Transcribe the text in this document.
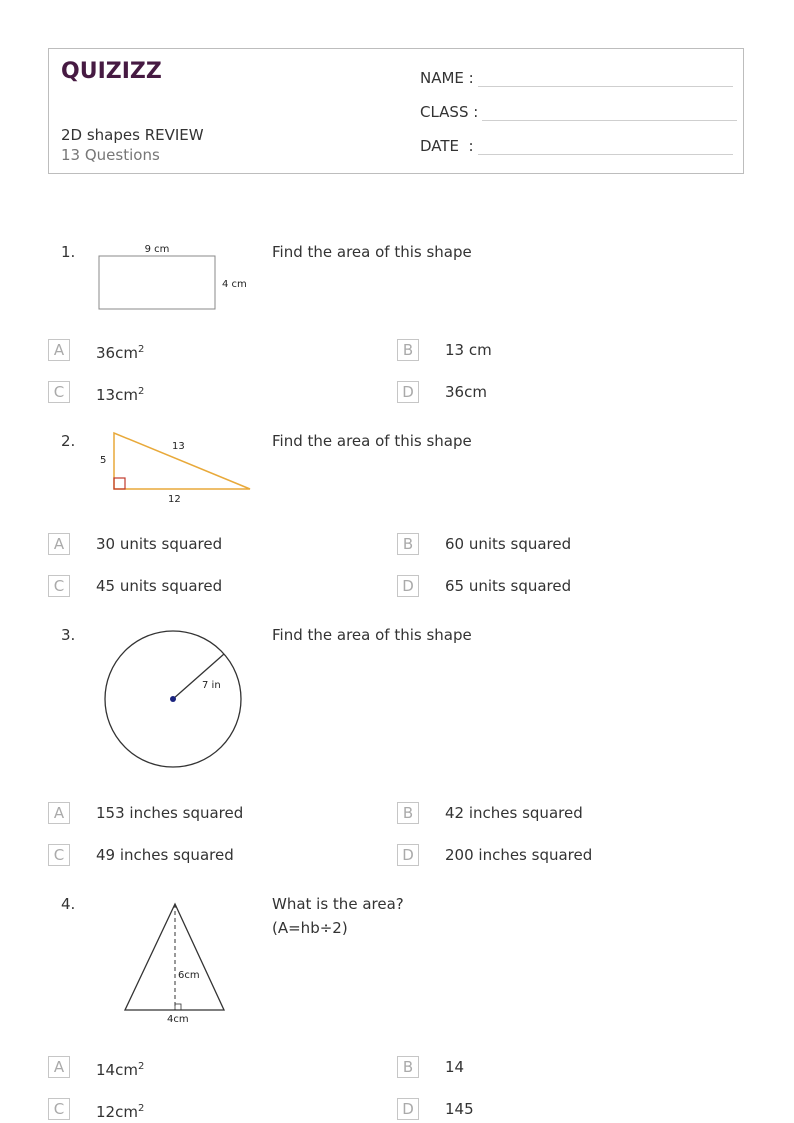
QUIZIZZ
2D shapes REVIEW
13 Questions
NAME :
CLASS :
DATE  :
1.	9 cm
4 cm
Find the area of this shape
A	$36cm^2$	B	13 cm
C	$13cm^2$	D	36cm
2.
5
13
12
Find the area of this shape
A	30 units squared	B	60 units squared
C	45 units squared	D	65 units squared
3.
7 in
Find the area of this shape
A	153 inches squared	B	42 inches squared
C	49 inches squared	D	200 inches squared
4.
6cm
4cm
What is the area?
(A=hb÷2)
A	$14cm^2$	B	14
C	$12cm^2$	D	145
